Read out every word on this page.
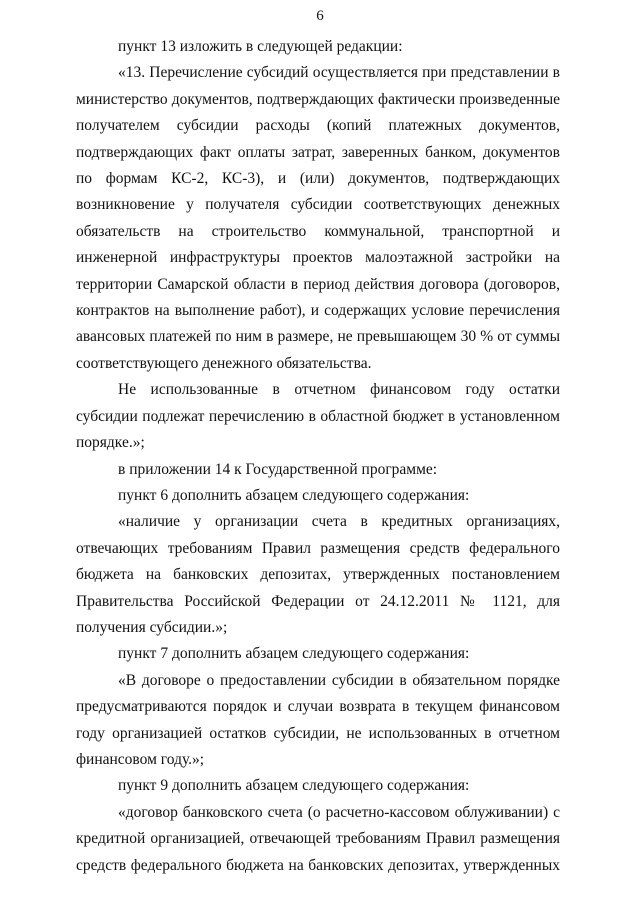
6

пункт 13 изложить в следующей редакции:

«13. Перечисление субсидий осуществляется при представлении в министерство документов, подтверждающих фактически произведенные получателем субсидии расходы (копий платежных документов, подтверждающих факт оплаты затрат, заверенных банком, документов по формам КС-2, КС-3), и (или) документов, подтверждающих возникновение у получателя субсидии соответствующих денежных обязательств на строительство коммунальной, транспортной и инженерной инфраструктуры проектов малоэтажной застройки на территории Самарской области в период действия договора (договоров, контрактов на выполнение работ), и содержащих условие перечисления авансовых платежей по ним в размере, не превышающем 30 % от суммы соответствующего денежного обязательства.

Не использованные в отчетном финансовом году остатки субсидии подлежат перечислению в областной бюджет в установленном порядке.»;

в приложении 14 к Государственной программе:

пункт 6 дополнить абзацем следующего содержания:

«наличие у организации счета в кредитных организациях, отвечающих требованиям Правил размещения средств федерального бюджета на банковских депозитах, утвержденных постановлением Правительства Российской Федерации от 24.12.2011 № 1121, для получения субсидии.»;

пункт 7 дополнить абзацем следующего содержания:

«В договоре о предоставлении субсидии в обязательном порядке предусматриваются порядок и случаи возврата в текущем финансовом году организацией остатков субсидии, не использованных в отчетном финансовом году.»;

пункт 9 дополнить абзацем следующего содержания:

«договор банковского счета (о расчетно-кассовом облуживании) с кредитной организацией, отвечающей требованиям Правил размещения средств федерального бюджета на банковских депозитах, утвержденных
